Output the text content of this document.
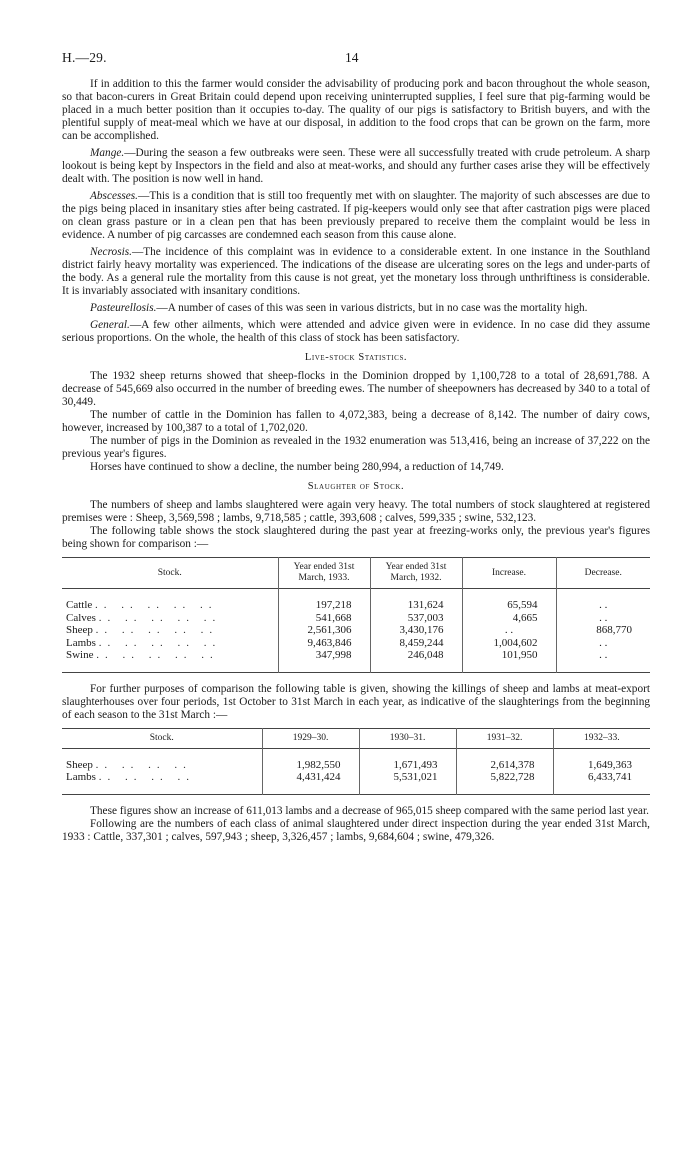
H.—29.	14

If in addition to this the farmer would consider the advisability of producing pork and bacon throughout the whole season, so that bacon-curers in Great Britain could depend upon receiving uninterrupted supplies, I feel sure that pig-farming would be placed in a much better position than it occupies to-day. The quality of our pigs is satisfactory to British buyers, and with the plentiful supply of meat-meal which we have at our disposal, in addition to the food crops that can be grown on the farm, more can be accomplished.

Mange.—During the season a few outbreaks were seen. These were all successfully treated with crude petroleum. A sharp lookout is being kept by Inspectors in the field and also at meat-works, and should any further cases arise they will be effectively dealt with. The position is now well in hand.

Abscesses.—This is a condition that is still too frequently met with on slaughter. The majority of such abscesses are due to the pigs being placed in insanitary sties after being castrated. If pig-keepers would only see that after castration pigs were placed on clean grass pasture or in a clean pen that has been previously prepared to receive them the complaint would be less in evidence. A number of pig carcasses are condemned each season from this cause alone.

Necrosis.—The incidence of this complaint was in evidence to a considerable extent. In one instance in the Southland district fairly heavy mortality was experienced. The indications of the disease are ulcerating sores on the legs and under-parts of the body. As a general rule the mortality from this cause is not great, yet the monetary loss through unthriftiness is considerable. It is invariably associated with insanitary conditions.

Pasteurellosis.—A number of cases of this was seen in various districts, but in no case was the mortality high.

General.—A few other ailments, which were attended and advice given were in evidence. In no case did they assume serious proportions. On the whole, the health of this class of stock has been satisfactory.

Live-stock Statistics.

The 1932 sheep returns showed that sheep-flocks in the Dominion dropped by 1,100,728 to a total of 28,691,788. A decrease of 545,669 also occurred in the number of breeding ewes. The number of sheepowners has decreased by 340 to a total of 30,449.

The number of cattle in the Dominion has fallen to 4,072,383, being a decrease of 8,142. The number of dairy cows, however, increased by 100,387 to a total of 1,702,020.

The number of pigs in the Dominion as revealed in the 1932 enumeration was 513,416, being an increase of 37,222 on the previous year's figures.

Horses have continued to show a decline, the number being 280,994, a reduction of 14,749.

Slaughter of Stock.

The numbers of sheep and lambs slaughtered were again very heavy. The total numbers of stock slaughtered at registered premises were : Sheep, 3,569,598 ; lambs, 9,718,585 ; cattle, 393,608 ; calves, 599,335 ; swine, 532,123.

The following table shows the stock slaughtered during the past year at freezing-works only, the previous year's figures being shown for comparison :—

Stock.	Year ended 31st March, 1933.	Year ended 31st March, 1932.	Increase.	Decrease.
Cattle .. .. .. .. ..	197,218	131,624	65,594	. .
Calves .. .. .. .. ..	541,668	537,003	4,665	. .
Sheep .. .. .. .. ..	2,561,306	3,430,176	. .	868,770
Lambs .. .. .. .. ..	9,463,846	8,459,244	1,004,602	. .
Swine .. .. .. .. ..	347,998	246,048	101,950	. .

For further purposes of comparison the following table is given, showing the killings of sheep and lambs at meat-export slaughterhouses over four periods, 1st October to 31st March in each year, as indicative of the slaughterings from the beginning of each season to the 31st March :—

Stock.	1929–30.	1930–31.	1931–32.	1932–33.
Sheep .. .. .. ..	1,982,550	1,671,493	2,614,378	1,649,363
Lambs .. .. .. ..	4,431,424	5,531,021	5,822,728	6,433,741

These figures show an increase of 611,013 lambs and a decrease of 965,015 sheep compared with the same period last year.

Following are the numbers of each class of animal slaughtered under direct inspection during the year ended 31st March, 1933 : Cattle, 337,301 ; calves, 597,943 ; sheep, 3,326,457 ; lambs, 9,684,604 ; swine, 479,326.
